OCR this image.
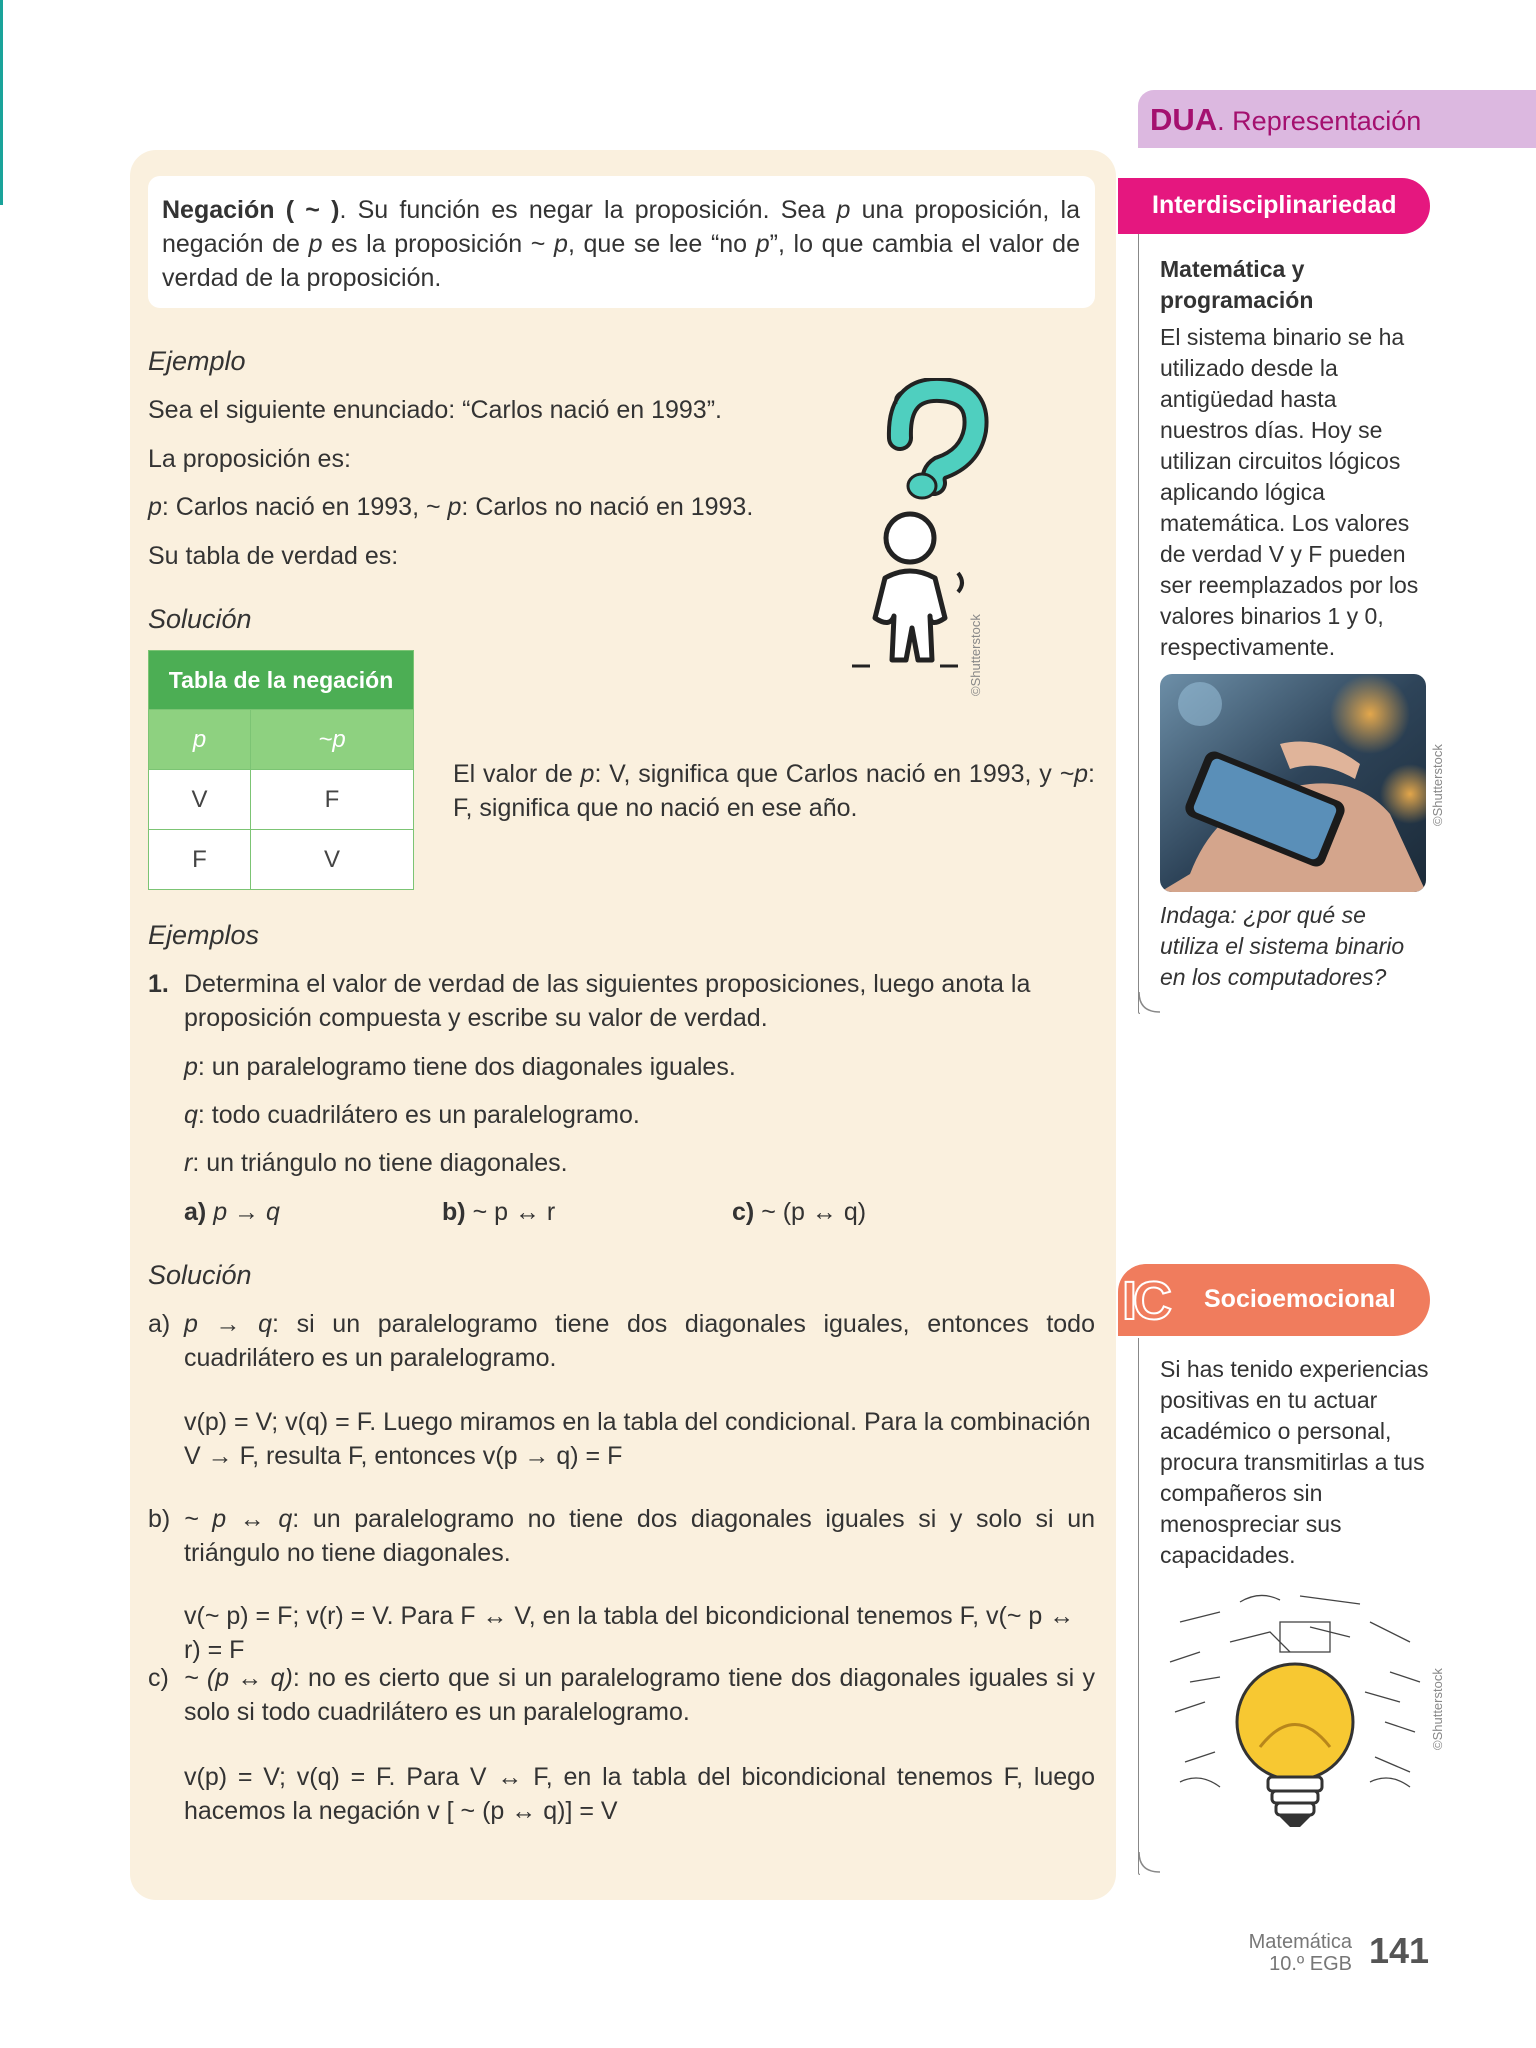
DUA. Representación

Negación ( ~ ). Su función es negar la proposición. Sea p una proposición, la negación de p es la proposición ~ p, que se lee “no p”, lo que cambia el valor de verdad de la proposición.

Ejemplo

Sea el siguiente enunciado: “Carlos nació en 1993”.

La proposición es:

p: Carlos nació en 1993, ~ p: Carlos no nació en 1993.

Su tabla de verdad es:

Solución

Tabla de la negación	
p	~p
V	F
F	V

El valor de p: V, significa que Carlos nació en 1993, y ~p: F, significa que no nació en ese año.

©Shutterstock

Ejemplos

1. Determina el valor de verdad de las siguientes proposiciones, luego anota la proposición compuesta y escribe su valor de verdad.

p: un paralelogramo tiene dos diagonales iguales.

q: todo cuadrilátero es un paralelogramo.

r: un triángulo no tiene diagonales.

a) p → q	b) ~ p ↔ r	c) ~ (p ↔ q)

Solución

a) p → q: si un paralelogramo tiene dos diagonales iguales, entonces todo cuadrilátero es un paralelogramo.

v(p) = V; v(q) = F. Luego miramos en la tabla del condicional. Para la combinación V → F, resulta F, entonces v(p → q) = F

b) ~ p ↔ q: un paralelogramo no tiene dos diagonales iguales si y solo si un triángulo no tiene diagonales.

v(~ p) = F; v(r) = V. Para F ↔ V, en la tabla del bicondicional tenemos F, v(~ p ↔ r) = F

c) ~ (p ↔ q): no es cierto que si un paralelogramo tiene dos diagonales iguales si y solo si todo cuadrilátero es un paralelogramo.

v(p) = V; v(q) = F. Para V ↔ F, en la tabla del bicondicional tenemos F, luego hacemos la negación v [ ~ (p ↔ q)] = V

Interdisciplinariedad

Matemática y programación

El sistema binario se ha utilizado desde la antigüedad hasta nuestros días. Hoy se utilizan circuitos lógicos aplicando lógica matemática. Los valores de verdad V y F pueden ser reemplazados por los valores binarios 1 y 0, respectivamente.

©Shutterstock

Indaga: ¿por qué se utiliza el sistema binario en los computadores?

IC Socioemocional

Si has tenido experiencias positivas en tu actuar académico o personal, procura transmitirlas a tus compañeros sin menospreciar sus capacidades.

©Shutterstock
Matemática
10.º EGB 141
